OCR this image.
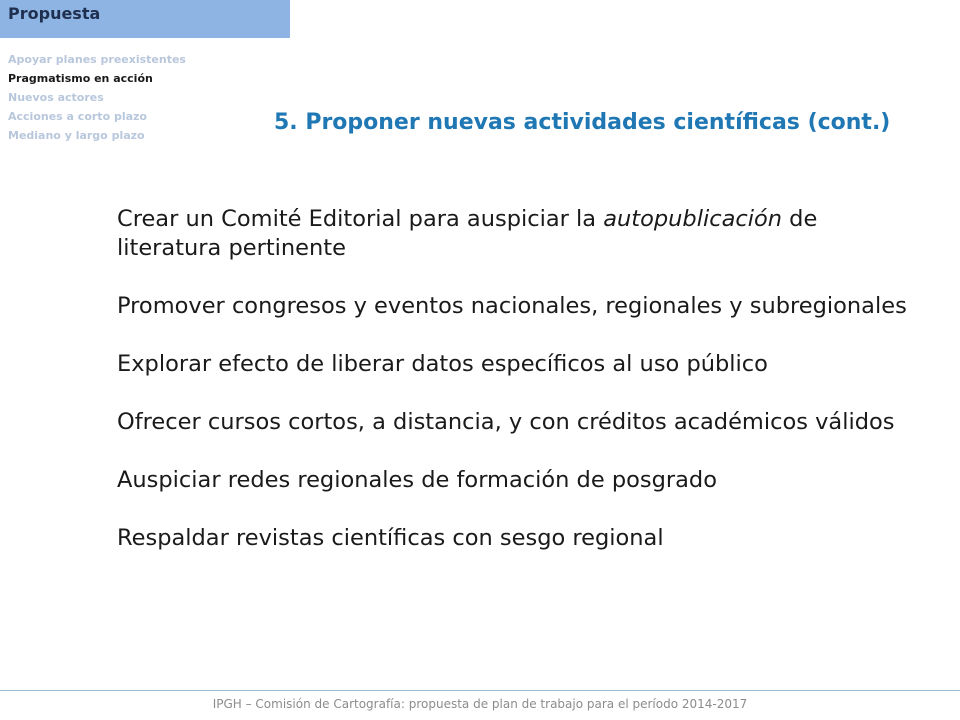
Propuesta
Apoyar planes preexistentes
Pragmatismo en acción
Nuevos actores
Acciones a corto plazo
Mediano y largo plazo
5. Proponer nuevas actividades científicas (cont.)
Crear un Comité Editorial para auspiciar la autopublicación de literatura pertinente
Promover congresos y eventos nacionales, regionales y subregionales
Explorar efecto de liberar datos específicos al uso público
Ofrecer cursos cortos, a distancia, y con créditos académicos válidos
Auspiciar redes regionales de formación de posgrado
Respaldar revistas científicas con sesgo regional
IPGH – Comisión de Cartografía: propuesta de plan de trabajo para el período 2014-2017
